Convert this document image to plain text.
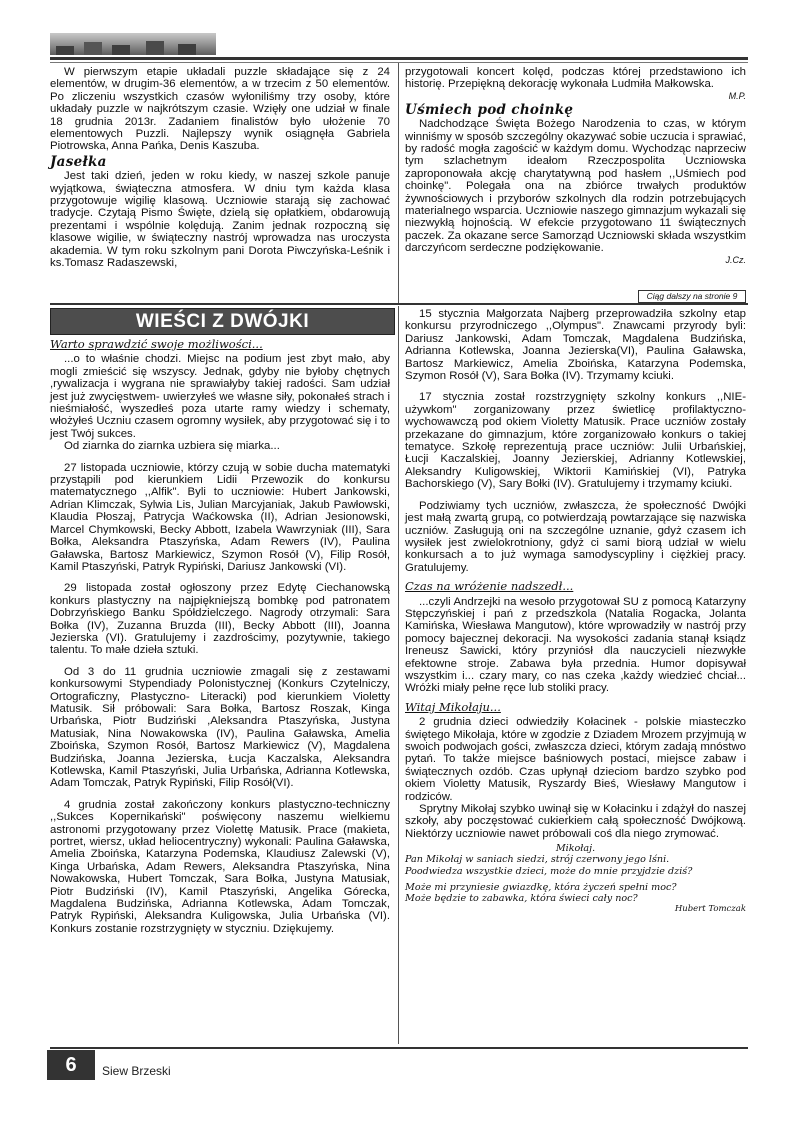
W pierwszym etapie układali puzzle składające się z 24 elementów, w drugim-36 elementów, a w trzecim z 50 elementów. Po zliczeniu wszystkich czasów wyłoniliśmy trzy osoby, które układały puzzle w najkrótszym czasie. Wzięły one udział w finale 18 grudnia 2013r. Zadaniem finalistów było ułożenie 70 elementowych Puzzli. Najlepszy wynik osiągnęła Gabriela Piotrowska, Anna Pańka, Denis Kaszuba.

Jasełka

Jest taki dzień, jeden w roku kiedy, w naszej szkole panuje wyjątkowa, świąteczna atmosfera. W dniu tym każda klasa przygotowuje wigilię klasową. Uczniowie starają się zachować tradycje. Czytają Pismo Święte, dzielą się opłatkiem, obdarowują prezentami i wspólnie kolędują. Zanim jednak rozpoczną się klasowe wigilie, w świąteczny nastrój wprowadza nas uroczysta akademia. W tym roku szkolnym pani Dorota Piwczyńska-Leśnik i ks.Tomasz Radaszewski,

przygotowali koncert kolęd, podczas której przedstawiono ich historię. Przepiękną dekorację wykonała Ludmiła Małkowska.

M.P.
Uśmiech pod choinkę

Nadchodzące Święta Bożego Narodzenia to czas, w którym winniśmy w sposób szczególny okazywać sobie uczucia i sprawiać, by radość mogła zagościć w każdym domu. Wychodząc naprzeciw tym szlachetnym ideałom Rzeczpospolita Uczniowska zaproponowała akcję charytatywną pod hasłem ,,Uśmiech pod choinkę". Polegała ona na zbiórce trwałych produktów żywnościowych i przyborów szkolnych dla rodzin potrzebujących materialnego wsparcia. Uczniowie naszego gimnazjum wykazali się niezwykłą hojnością. W efekcie przygotowano 11 świątecznych paczek. Za okazane serce Samorząd Uczniowski składa wszystkim darczyńcom serdeczne podziękowanie.

J.Cz.
Ciąg dalszy na stronie 9
WIEŚCI Z DWÓJKI
Warto sprawdzić swoje możliwości...

...o to właśnie chodzi. Miejsc na podium jest zbyt mało, aby mogli zmieścić się wszyscy. Jednak, gdyby nie byłoby chętnych ,rywalizacja i wygrana nie sprawiałyby takiej radości. Sam udział jest już zwycięstwem- uwierzyłeś we własne siły, pokonałeś strach i nieśmiałość, wyszedłeś poza utarte ramy wiedzy i schematy, włożyłeś Uczniu czasem ogromny wysiłek, aby przygotować się i to jest Twój sukces.

Od ziarnka do ziarnka uzbiera się miarka...

27 listopada uczniowie, którzy czują w sobie ducha matematyki przystąpili pod kierunkiem Lidii Przewozik do konkursu matematycznego ,,Alfik". Byli to uczniowie: Hubert Jankowski, Adrian Klimczak, Sylwia Lis, Julian Marcyjaniak, Jakub Pawłowski, Klaudia Płoszaj, Patrycja Waćkowska (II), Adrian Jesionowski, Marcel Chymkowski, Becky Abbott, Izabela Wawrzyniak (III), Sara Bołka, Aleksandra Ptaszyńska, Adam Rewers (IV), Paulina Gaławska, Bartosz Markiewicz, Szymon Rosół (V), Filip Rosół, Kamil Ptaszyński, Patryk Rypiński, Dariusz Jankowski (VI).

29 listopada został ogłoszony przez Edytę Ciechanowską konkurs plastyczny na najpiękniejszą bombkę pod patronatem Dobrzyńskiego Banku Spółdzielczego. Nagrody otrzymali: Sara Bołka (IV), Zuzanna Bruzda (III), Becky Abbott (III), Joanna Jezierska (VI). Gratulujemy i zazdrościmy, pozytywnie, takiego talentu. To małe dzieła sztuki.

Od 3 do 11 grudnia uczniowie zmagali się z zestawami konkursowymi Stypendiady Polonistycznej (Konkurs Czytelniczy, Ortograficzny, Plastyczno- Literacki) pod kierunkiem Violetty Matusik. Sił próbowali: Sara Bołka, Bartosz Roszak, Kinga Urbańska, Piotr Budziński ,Aleksandra Ptaszyńska, Justyna Matusiak, Nina Nowakowska (IV), Paulina Gaławska, Amelia Zboińska, Szymon Rosół, Bartosz Markiewicz (V), Magdalena Budzińska, Joanna Jezierska, Łucja Kaczalska, Aleksandra Kotlewska, Kamil Ptaszyński, Julia Urbańska, Adrianna Kotlewska, Adam Tomczak, Patryk Rypiński, Filip Rosół(VI).

4 grudnia został zakończony konkurs plastyczno-techniczny ,,Sukces Kopernikański" poświęcony naszemu wielkiemu astronomi przygotowany przez Violettę Matusik. Prace (makieta, portret, wiersz, układ heliocentryczny) wykonali: Paulina Gaławska, Amelia Zboińska, Katarzyna Podemska, Klaudiusz Zalewski (V), Kinga Urbańska, Adam Rewers, Aleksandra Ptaszyńska, Nina Nowakowska, Hubert Tomczak, Sara Bołka, Justyna Matusiak, Piotr Budziński (IV), Kamil Ptaszyński, Angelika Górecka, Magdalena Budzińska, Adrianna Kotlewska, Adam Tomczak, Patryk Rypiński, Aleksandra Kuligowska, Julia Urbańska (VI). Konkurs zostanie rozstrzygnięty w styczniu. Dziękujemy.

15 stycznia Małgorzata Najberg przeprowadziła szkolny etap konkursu przyrodniczego ,,Olympus". Znawcami przyrody byli: Dariusz Jankowski, Adam Tomczak, Magdalena Budzińska, Adrianna Kotlewska, Joanna Jezierska(VI), Paulina Gaławska, Bartosz Markiewicz, Amelia Zboińska, Katarzyna Podemska, Szymon Rosół (V), Sara Bołka (IV). Trzymamy kciuki.

17 stycznia został rozstrzygnięty szkolny konkurs ,,NIE-używkom" zorganizowany przez świetlicę profilaktyczno-wychowawczą pod okiem Violetty Matusik. Prace uczniów zostały przekazane do gimnazjum, które zorganizowało konkurs o takiej tematyce. Szkołę reprezentują prace uczniów: Julii Urbańskiej, Łucji Kaczalskiej, Joanny Jezierskiej, Adrianny Kotlewskiej, Aleksandry Kuligowskiej, Wiktorii Kamińskiej (VI), Patryka Bachorskiego (V), Sary Bołki (IV). Gratulujemy i trzymamy kciuki.

Podziwiamy tych uczniów, zwłaszcza, że społeczność Dwójki jest małą zwartą grupą, co potwierdzają powtarzające się nazwiska uczniów. Zasługują oni na szczególne uznanie, gdyż czasem ich wysiłek jest zwielokrotniony, gdyż ci sami biorą udział w wielu konkursach a to już wymaga samodyscypliny i ciężkiej pracy. Gratulujemy.

Czas na wróżenie nadszedł...

...czyli Andrzejki na wesoło przygotował SU z pomocą Katarzyny Stępczyńskiej i pań z przedszkola (Natalia Rogacka, Jolanta Kamińska, Wiesława Mangutow), które wprowadziły w nastrój przy pomocy bajecznej dekoracji. Na wysokości zadania stanął ksiądz Ireneusz Sawicki, który przyniósł dla nauczycieli niezwykłe efektowne stroje. Zabawa była przednia. Humor dopisywał wszystkim i... czary mary, co nas czeka ,każdy wiedzieć chciał... Wróżki miały pełne ręce lub stoliki pracy.

Witaj Mikołaju...

2 grudnia dzieci odwiedziły Kołacinek - polskie miasteczko świętego Mikołaja, które w zgodzie z Dziadem Mrozem przyjmują w swoich podwojach gości, zwłaszcza dzieci, którym zadają mnóstwo pytań. To także miejsce baśniowych postaci, miejsce zabaw i świątecznych ozdób. Czas upłynął dzieciom bardzo szybko pod okiem Violetty Matusik, Ryszardy Bieś, Wiesławy Mangutow i rodziców.

Sprytny Mikołaj szybko uwinął się w Kołacinku i zdążył do naszej szkoły, aby poczęstować cukierkiem całą społeczność Dwójkową. Niektórzy uczniowie nawet próbowali coś dla niego zrymować.

Mikołaj.
Pan Mikołaj w saniach siedzi, strój czerwony jego lśni.
Poodwiedza wszystkie dzieci, może do mnie przyjdzie dziś?
Może mi przyniesie gwiazdkę, która życzeń spełni moc?
Może będzie to zabawka, która świeci cały noc?
Hubert Tomczak
6	Siew Brzeski
